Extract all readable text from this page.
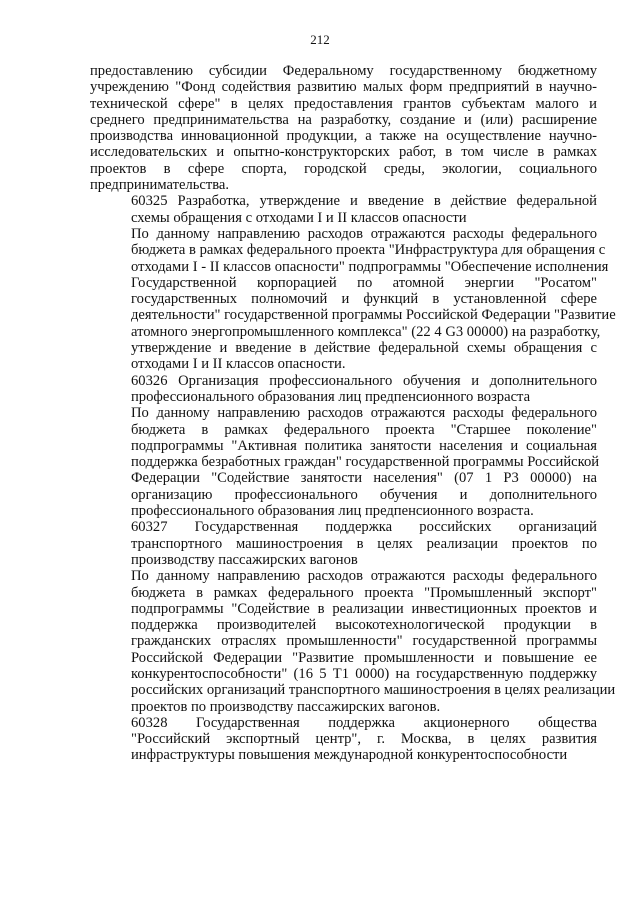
212

предоставлению субсидии Федеральному государственному бюджетному
учреждению "Фонд содействия развитию малых форм предприятий в научно-
технической сфере" в целях предоставления грантов субъектам малого и
среднего предпринимательства на разработку, создание и (или) расширение
производства инновационной продукции, а также на осуществление научно-
исследовательских и опытно-конструкторских работ, в том числе в рамках
проектов в сфере спорта, городской среды, экологии, социального
предпринимательства.

60325 Разработка, утверждение и введение в действие федеральной
схемы обращения с отходами I и II классов опасности

По данному направлению расходов отражаются расходы федерального
бюджета в рамках федерального проекта "Инфраструктура для обращения с
отходами I - II классов опасности" подпрограммы "Обеспечение исполнения
Государственной корпорацией по атомной энергии "Росатом"
государственных полномочий и функций в установленной сфере
деятельности" государственной программы Российской Федерации "Развитие
атомного энергопромышленного комплекса" (22 4 G3 00000) на разработку,
утверждение и введение в действие федеральной схемы обращения с
отходами I и II классов опасности.

60326 Организация профессионального обучения и дополнительного
профессионального образования лиц предпенсионного возраста

По данному направлению расходов отражаются расходы федерального
бюджета в рамках федерального проекта "Старшее поколение"
подпрограммы "Активная политика занятости населения и социальная
поддержка безработных граждан" государственной программы Российской
Федерации "Содействие занятости населения" (07 1 P3 00000) на
организацию профессионального обучения и дополнительного
профессионального образования лиц предпенсионного возраста.

60327 Государственная поддержка российских организаций
транспортного машиностроения в целях реализации проектов по
производству пассажирских вагонов

По данному направлению расходов отражаются расходы федерального
бюджета в рамках федерального проекта "Промышленный экспорт"
подпрограммы "Содействие в реализации инвестиционных проектов и
поддержка производителей высокотехнологической продукции в
гражданских отраслях промышленности" государственной программы
Российской Федерации "Развитие промышленности и повышение ее
конкурентоспособности" (16 5 T1 0000) на государственную поддержку
российских организаций транспортного машиностроения в целях реализации
проектов по производству пассажирских вагонов.

60328 Государственная поддержка акционерного общества
"Российский экспортный центр", г. Москва, в целях развития
инфраструктуры повышения международной конкурентоспособности
